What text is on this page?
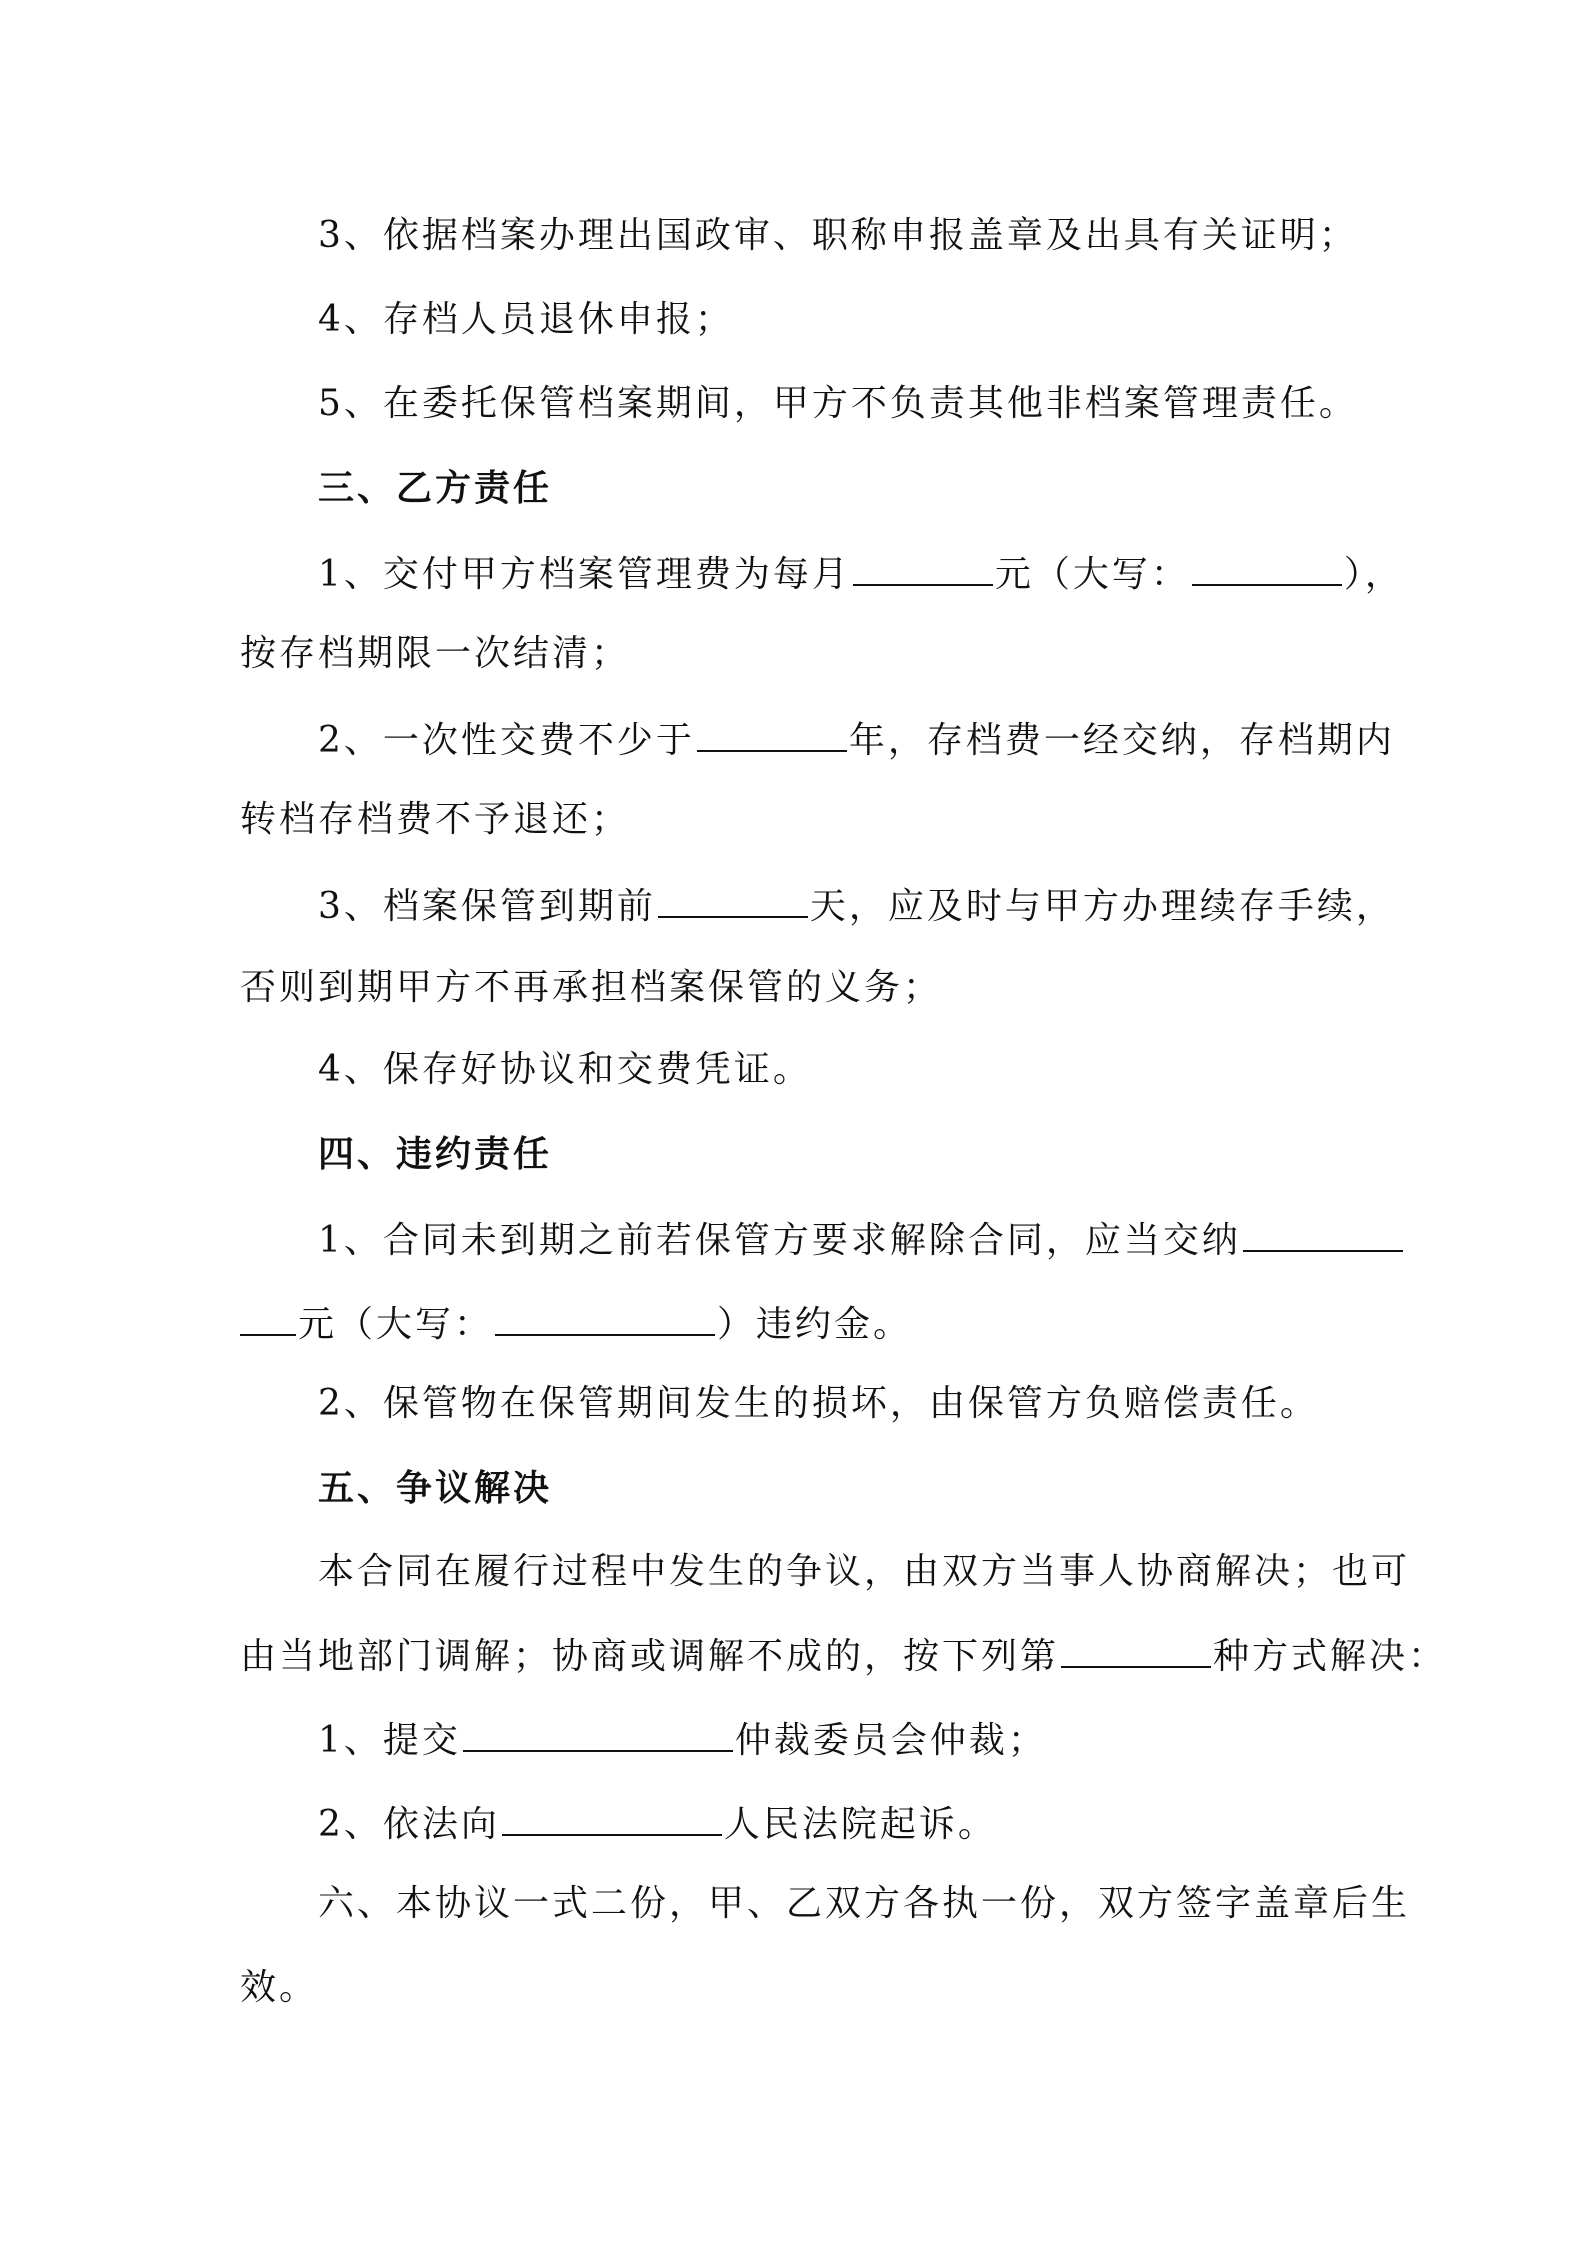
3、依据档案办理出国政审、职称申报盖章及出具有关证明；
4、存档人员退休申报；
5、在委托保管档案期间，甲方不负责其他非档案管理责任。
三、乙方责任
1、交付甲方档案管理费为每月	元（大写：	），
按存档期限一次结清；
2、一次性交费不少于	年，存档费一经交纳，存档期内
转档存档费不予退还；
3、档案保管到期前	天，应及时与甲方办理续存手续，
否则到期甲方不再承担档案保管的义务；
4、保存好协议和交费凭证。
四、违约责任
1、合同未到期之前若保管方要求解除合同，应当交纳
元（大写：	）违约金。
2、保管物在保管期间发生的损坏，由保管方负赔偿责任。
五、争议解决
本合同在履行过程中发生的争议，由双方当事人协商解决；也可
由当地部门调解；协商或调解不成的，按下列第	种方式解决：
1、提交	仲裁委员会仲裁；
2、依法向	人民法院起诉。
六、本协议一式二份，甲、乙双方各执一份，双方签字盖章后生
效。
